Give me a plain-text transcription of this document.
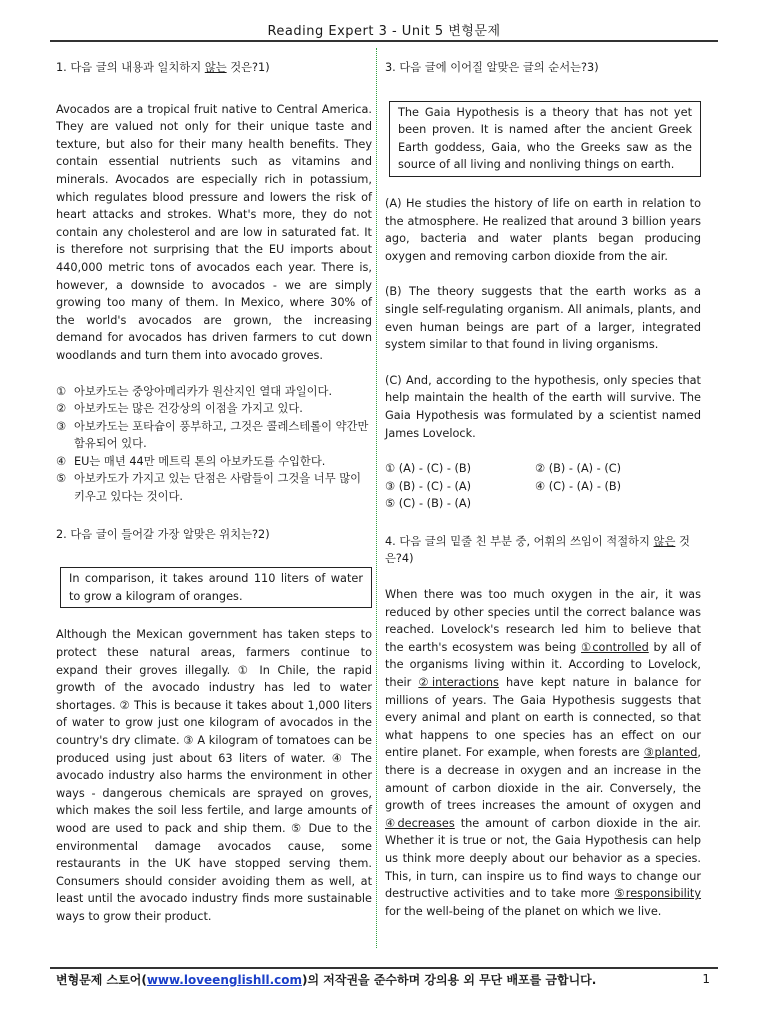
Reading Expert 3 - Unit 5 변형문제
1. 다음 글의 내용과 일치하지 않는 것은?1)
Avocados are a tropical fruit native to Central America. They are valued not only for their unique taste and texture, but also for their many health benefits. They contain essential nutrients such as vitamins and minerals. Avocados are especially rich in potassium, which regulates blood pressure and lowers the risk of heart attacks and strokes. What's more, they do not contain any cholesterol and are low in saturated fat. It is therefore not surprising that the EU imports about 440,000 metric tons of avocados each year. There is, however, a downside to avocados - we are simply growing too many of them. In Mexico, where 30% of the world's avocados are grown, the increasing demand for avocados has driven farmers to cut down woodlands and turn them into avocado groves.
① 아보카도는 중앙아메리카가 원산지인 열대 과일이다.
② 아보카도는 많은 건강상의 이점을 가지고 있다.
③ 아보카도는 포타슘이 풍부하고, 그것은 콜레스테롤이 약간만 함유되어 있다.
④ EU는 매년 44만 메트릭 톤의 아보카도를 수입한다.
⑤ 아보카도가 가지고 있는 단점은 사람들이 그것을 너무 많이 키우고 있다는 것이다.
2. 다음 글이 들어갈 가장 알맞은 위치는?2)
In comparison, it takes around 110 liters of water to grow a kilogram of oranges.
Although the Mexican government has taken steps to protect these natural areas, farmers continue to expand their groves illegally. ① In Chile, the rapid growth of the avocado industry has led to water shortages. ② This is because it takes about 1,000 liters of water to grow just one kilogram of avocados in the country's dry climate. ③ A kilogram of tomatoes can be produced using just about 63 liters of water. ④ The avocado industry also harms the environment in other ways - dangerous chemicals are sprayed on groves, which makes the soil less fertile, and large amounts of wood are used to pack and ship them. ⑤ Due to the environmental damage avocados cause, some restaurants in the UK have stopped serving them. Consumers should consider avoiding them as well, at least until the avocado industry finds more sustainable ways to grow their product.
3. 다음 글에 이어질 알맞은 글의 순서는?3)
The Gaia Hypothesis is a theory that has not yet been proven. It is named after the ancient Greek Earth goddess, Gaia, who the Greeks saw as the source of all living and nonliving things on earth.
(A) He studies the history of life on earth in relation to the atmosphere. He realized that around 3 billion years ago, bacteria and water plants began producing oxygen and removing carbon dioxide from the air.
(B) The theory suggests that the earth works as a single self-regulating organism. All animals, plants, and even human beings are part of a larger, integrated system similar to that found in living organisms.
(C) And, according to the hypothesis, only species that help maintain the health of the earth will survive. The Gaia Hypothesis was formulated by a scientist named James Lovelock.
① (A) - (C) - (B)	② (B) - (A) - (C)
③ (B) - (C) - (A)	④ (C) - (A) - (B)
⑤ (C) - (B) - (A)
4. 다음 글의 밑줄 친 부분 중, 어휘의 쓰임이 적절하지 않은 것은?4)
When there was too much oxygen in the air, it was reduced by other species until the correct balance was reached. Lovelock's research led him to believe that the earth's ecosystem was being ①controlled by all of the organisms living within it. According to Lovelock, their ②interactions have kept nature in balance for millions of years. The Gaia Hypothesis suggests that every animal and plant on earth is connected, so that what happens to one species has an effect on our entire planet. For example, when forests are ③planted, there is a decrease in oxygen and an increase in the amount of carbon dioxide in the air. Conversely, the growth of trees increases the amount of oxygen and ④decreases the amount of carbon dioxide in the air. Whether it is true or not, the Gaia Hypothesis can help us think more deeply about our behavior as a species. This, in turn, can inspire us to find ways to change our destructive activities and to take more ⑤responsibility for the well-being of the planet on which we live.
변형문제 스토어(www.loveenglishll.com)의 저작권을 준수하며 강의용 외 무단 배포를 금합니다.	1
